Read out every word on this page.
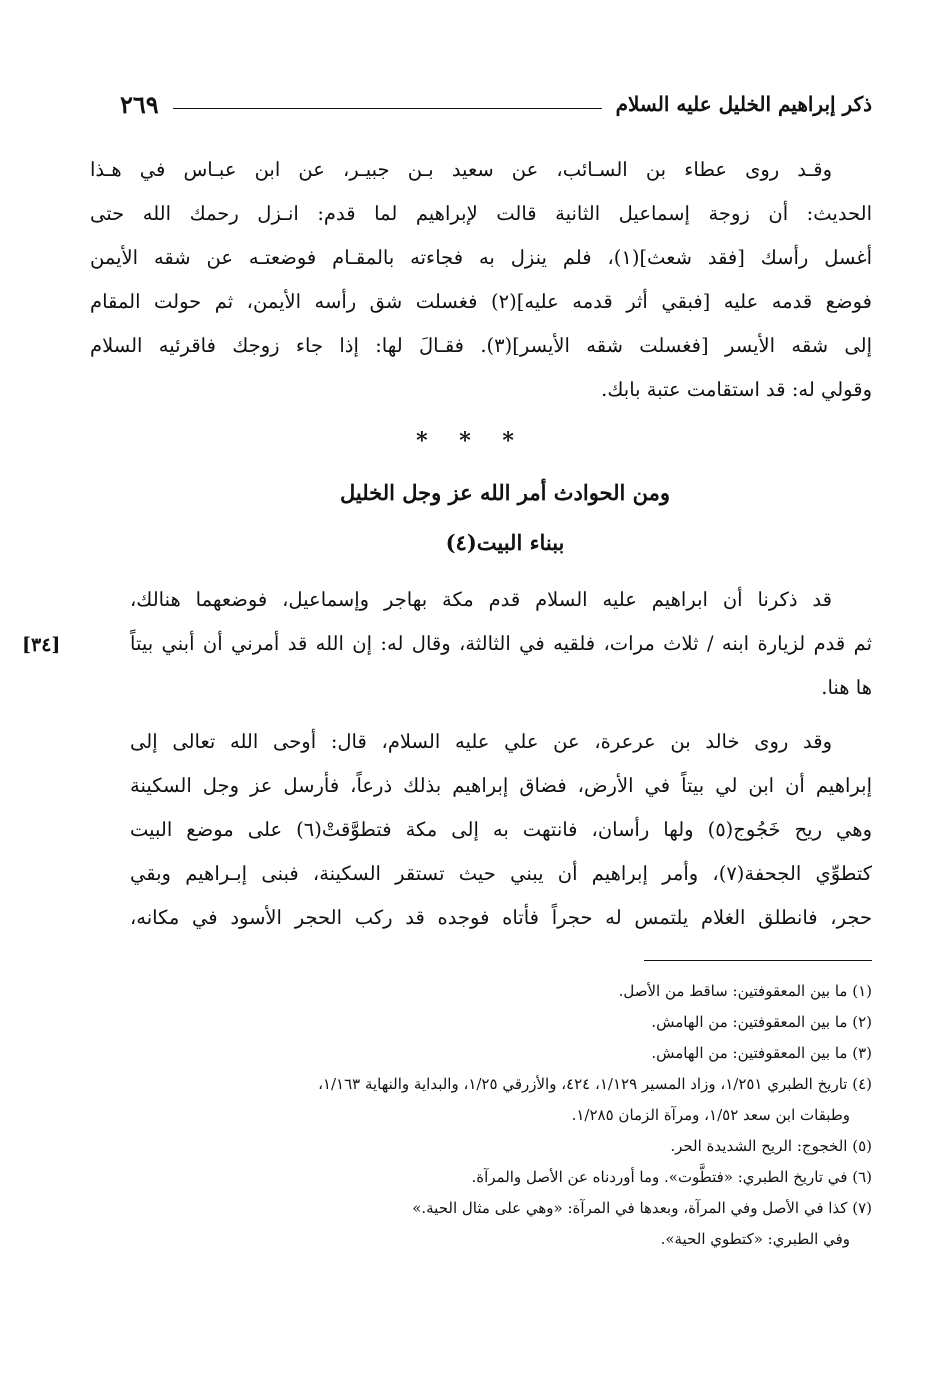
ذكر إبراهيم الخليل عليه السلام
٢٦٩

وقـد روى عطاء بن السـائب، عن سعيد بـن جبيـر، عن ابن عبـاس في هـذا
الحديث: أن زوجة إسماعيل الثانية قالت لإبراهيم لما قدم: انـزل رحمك الله حتى
أغسل رأسك [فقد شعث](١)، فلم ينزل به فجاءته بالمقـام فوضعتـه عن شقه الأيمن
فوضع قدمه عليه [فبقي أثر قدمه عليه](٢) فغسلت شق رأسه الأيمن، ثم حولت المقام
إلى شقه الأيسر [فغسلت شقه الأيسر](٣). فقـالَ لها: إذا جاء زوجك فاقرئيه السلام
وقولي له: قد استقامت عتبة بابك.

* * *
ومن الحوادث أمر الله عز وجل الخليل
ببناء البيت(٤)

قد ذكرنا أن ابراهيم عليه السلام قدم مكة بهاجر وإسماعيل، فوضعهما هنالك،
ثم قدم لزيارة ابنه / ثلاث مرات، فلقيه في الثالثة، وقال له: إن الله قد أمرني أن أبني بيتاً
ها هنا.

[٣٤]

وقد روى خالد بن عرعرة، عن علي عليه السلام، قال: أوحى الله تعالى إلى
إبراهيم أن ابن لي بيتاً في الأرض، فضاق إبراهيم بذلك ذرعاً، فأرسل عز وجل السكينة
وهي ريح خَجُوج(٥) ولها رأسان، فانتهت به إلى مكة فتطوَّقتْ(٦) على موضع البيت
كتطوِّي الجحفة(٧)، وأمر إبراهيم أن يبني حيث تستقر السكينة، فبنى إبـراهيم وبقي
حجر، فانطلق الغلام يلتمس له حجراً فأتاه فوجده قد ركب الحجر الأسود في مكانه،

(١) ما بين المعقوفتين: ساقط من الأصل.
(٢) ما بين المعقوفتين: من الهامش.
(٣) ما بين المعقوفتين: من الهامش.
(٤) تاريخ الطبري ١/٢٥١، وزاد المسير ١/١٢٩، ٤٢٤، والأزرقي ١/٢٥، والبداية والنهاية ١/١٦٣،
وطبقات ابن سعد ١/٥٢، ومرآة الزمان ١/٢٨٥.
(٥) الخجوج: الريح الشديدة الحر.
(٦) في تاريخ الطبري: «فتطَّوت». وما أوردناه عن الأصل والمرآة.
(٧) كذا في الأصل وفي المرآة، وبعدها في المرآة: «وهي على مثال الحية.»
وفي الطبري: «كتطوي الحية».
